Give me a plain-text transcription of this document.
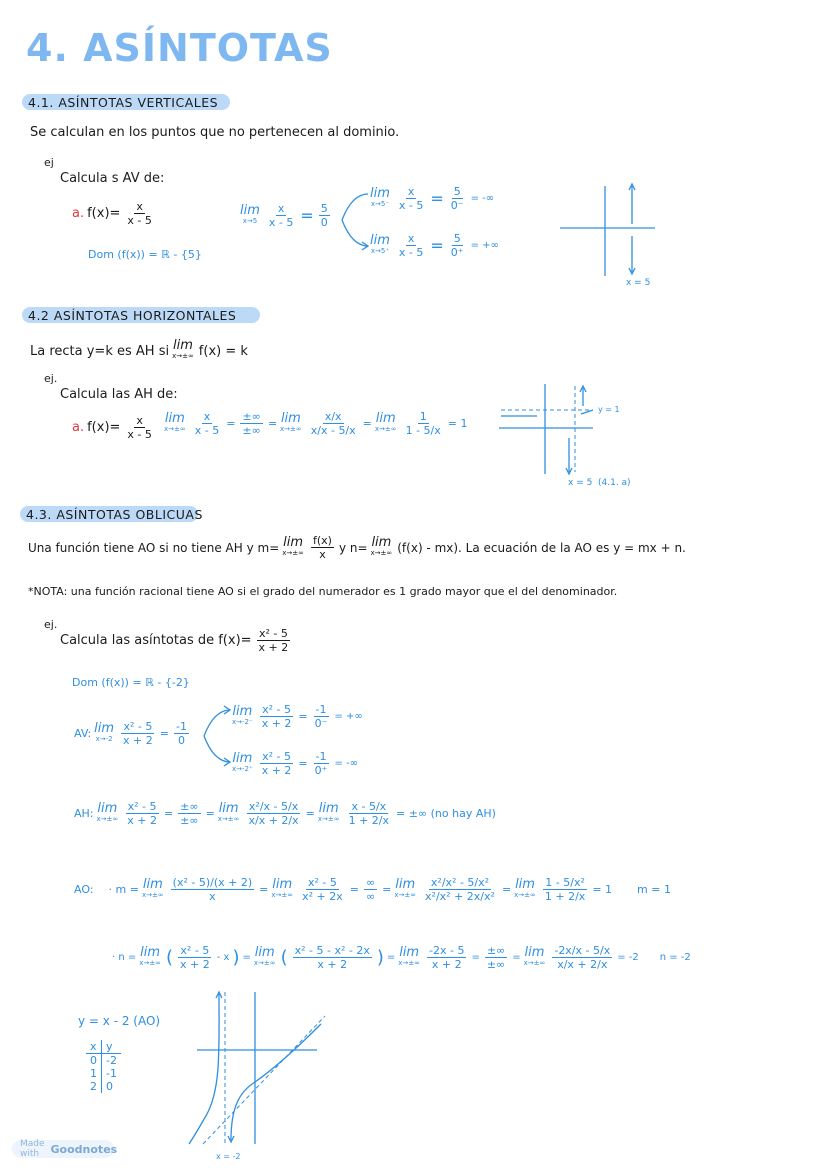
4. ASÍNTOTAS
4.1. ASÍNTOTAS VERTICALES
Se calculan en los puntos que no pertenecen al dominio.
ej
Calcula s AV de:
a. $f(x)= \frac{x}{x - 5}$	lim
$x\to 5 \frac{x}{x - 5} = \frac{5}{0}$
lim
$x\to 5^- \frac{x}{x - 5} = \frac{5}{0^-}$ = -∞
lim
$x\to 5^+ \frac{x}{x - 5} = \frac{5}{0^+}$ = +∞
Dom (f(x)) = ℝ - {5}
x = 5
4.2 ASÍNTOTAS HORIZONTALES
La recta y=k es AH si lim
x→±∞ f(x) = k
ej.
Calcula las AH de:
a. $f(x)= \frac{x}{x - 5}$ lim
$x\to\pm\infty \frac{x}{x - 5} = \frac{\pm\infty}{\pm\infty} = \lim$
$x\to\pm\infty \frac{x/x}{x/x - 5/x} = \lim$
$x\to\pm\infty \frac{1}{1 - 5/x} = 1$
y = 1
x = 5 (4.1. a)
4.3. ASÍNTOTAS OBLICUAS
Una función tiene AO si no tiene AH y m= lim
$x\to\pm\infty \frac{f(x)}{x}$ y n= lim
x→±∞ (f(x) - mx). La ecuación de la AO es y = mx + n.
*NOTA: una función racional tiene AO si el grado del numerador es 1 grado mayor que el del denominador.
ej.
Calcula las asíntotas de $f(x)= \frac{\text{x² - 5}}{x + 2}$
Dom (f(x)) = ℝ - {-2}
AV: lim
$x\to-2 \frac{\text{x² - 5}}{x + 2} = \frac{-1}{0}$
lim
$x\to-2^- \frac{\text{x² - 5}}{x + 2} = \frac{-1}{0^-}$ = +∞
lim
$x\to-2^+ \frac{\text{x² - 5}}{x + 2} = \frac{-1}{0^+}$ = -∞
AH: lim
$x\to\pm\infty \frac{\text{x² - 5}}{x + 2} = \frac{\pm\infty}{\pm\infty} = \lim$
$x\to\pm\infty \frac{\text{x²/x - 5/x}}{x/x + 2/x} = \lim$
$x\to\pm\infty \frac{x - 5/x}{1 + 2/x}$ = ±∞ (no hay AH)
AO: · m = lim
$x\to\pm\infty \frac{\text{(x² - 5)/(x + 2)}}{x} = \lim$
$x\to\pm\infty \frac{\text{x² - 5}}{\text{x² + 2x}} = \frac{\infty}{\infty} = \lim$
$x\to\pm\infty \frac{\text{x²/x² - 5/x²}}{\text{x²/x² + 2x/x²}} = \lim$
$x\to\pm\infty \frac{\text{1 - 5/x²}}{1 + 2/x} = 1$ m = 1
· n = lim
x→±∞ ( $\frac{\text{x² - 5}}{x + 2}$ - x ) = lim
x→±∞ ( $\frac{\text{x² - 5 - x² - 2x}}{x + 2}$ ) = lim
$x\to\pm\infty \frac{-2x - 5}{x + 2} = \frac{\pm\infty}{\pm\infty} = \lim$
$x\to\pm\infty \frac{-2x/x - 5/x}{x/x + 2/x} = -2$ n = -2
y = x - 2 (AO)
x	y
0	-2
1	-1
2	0
x = -2
Made with	Goodnotes
